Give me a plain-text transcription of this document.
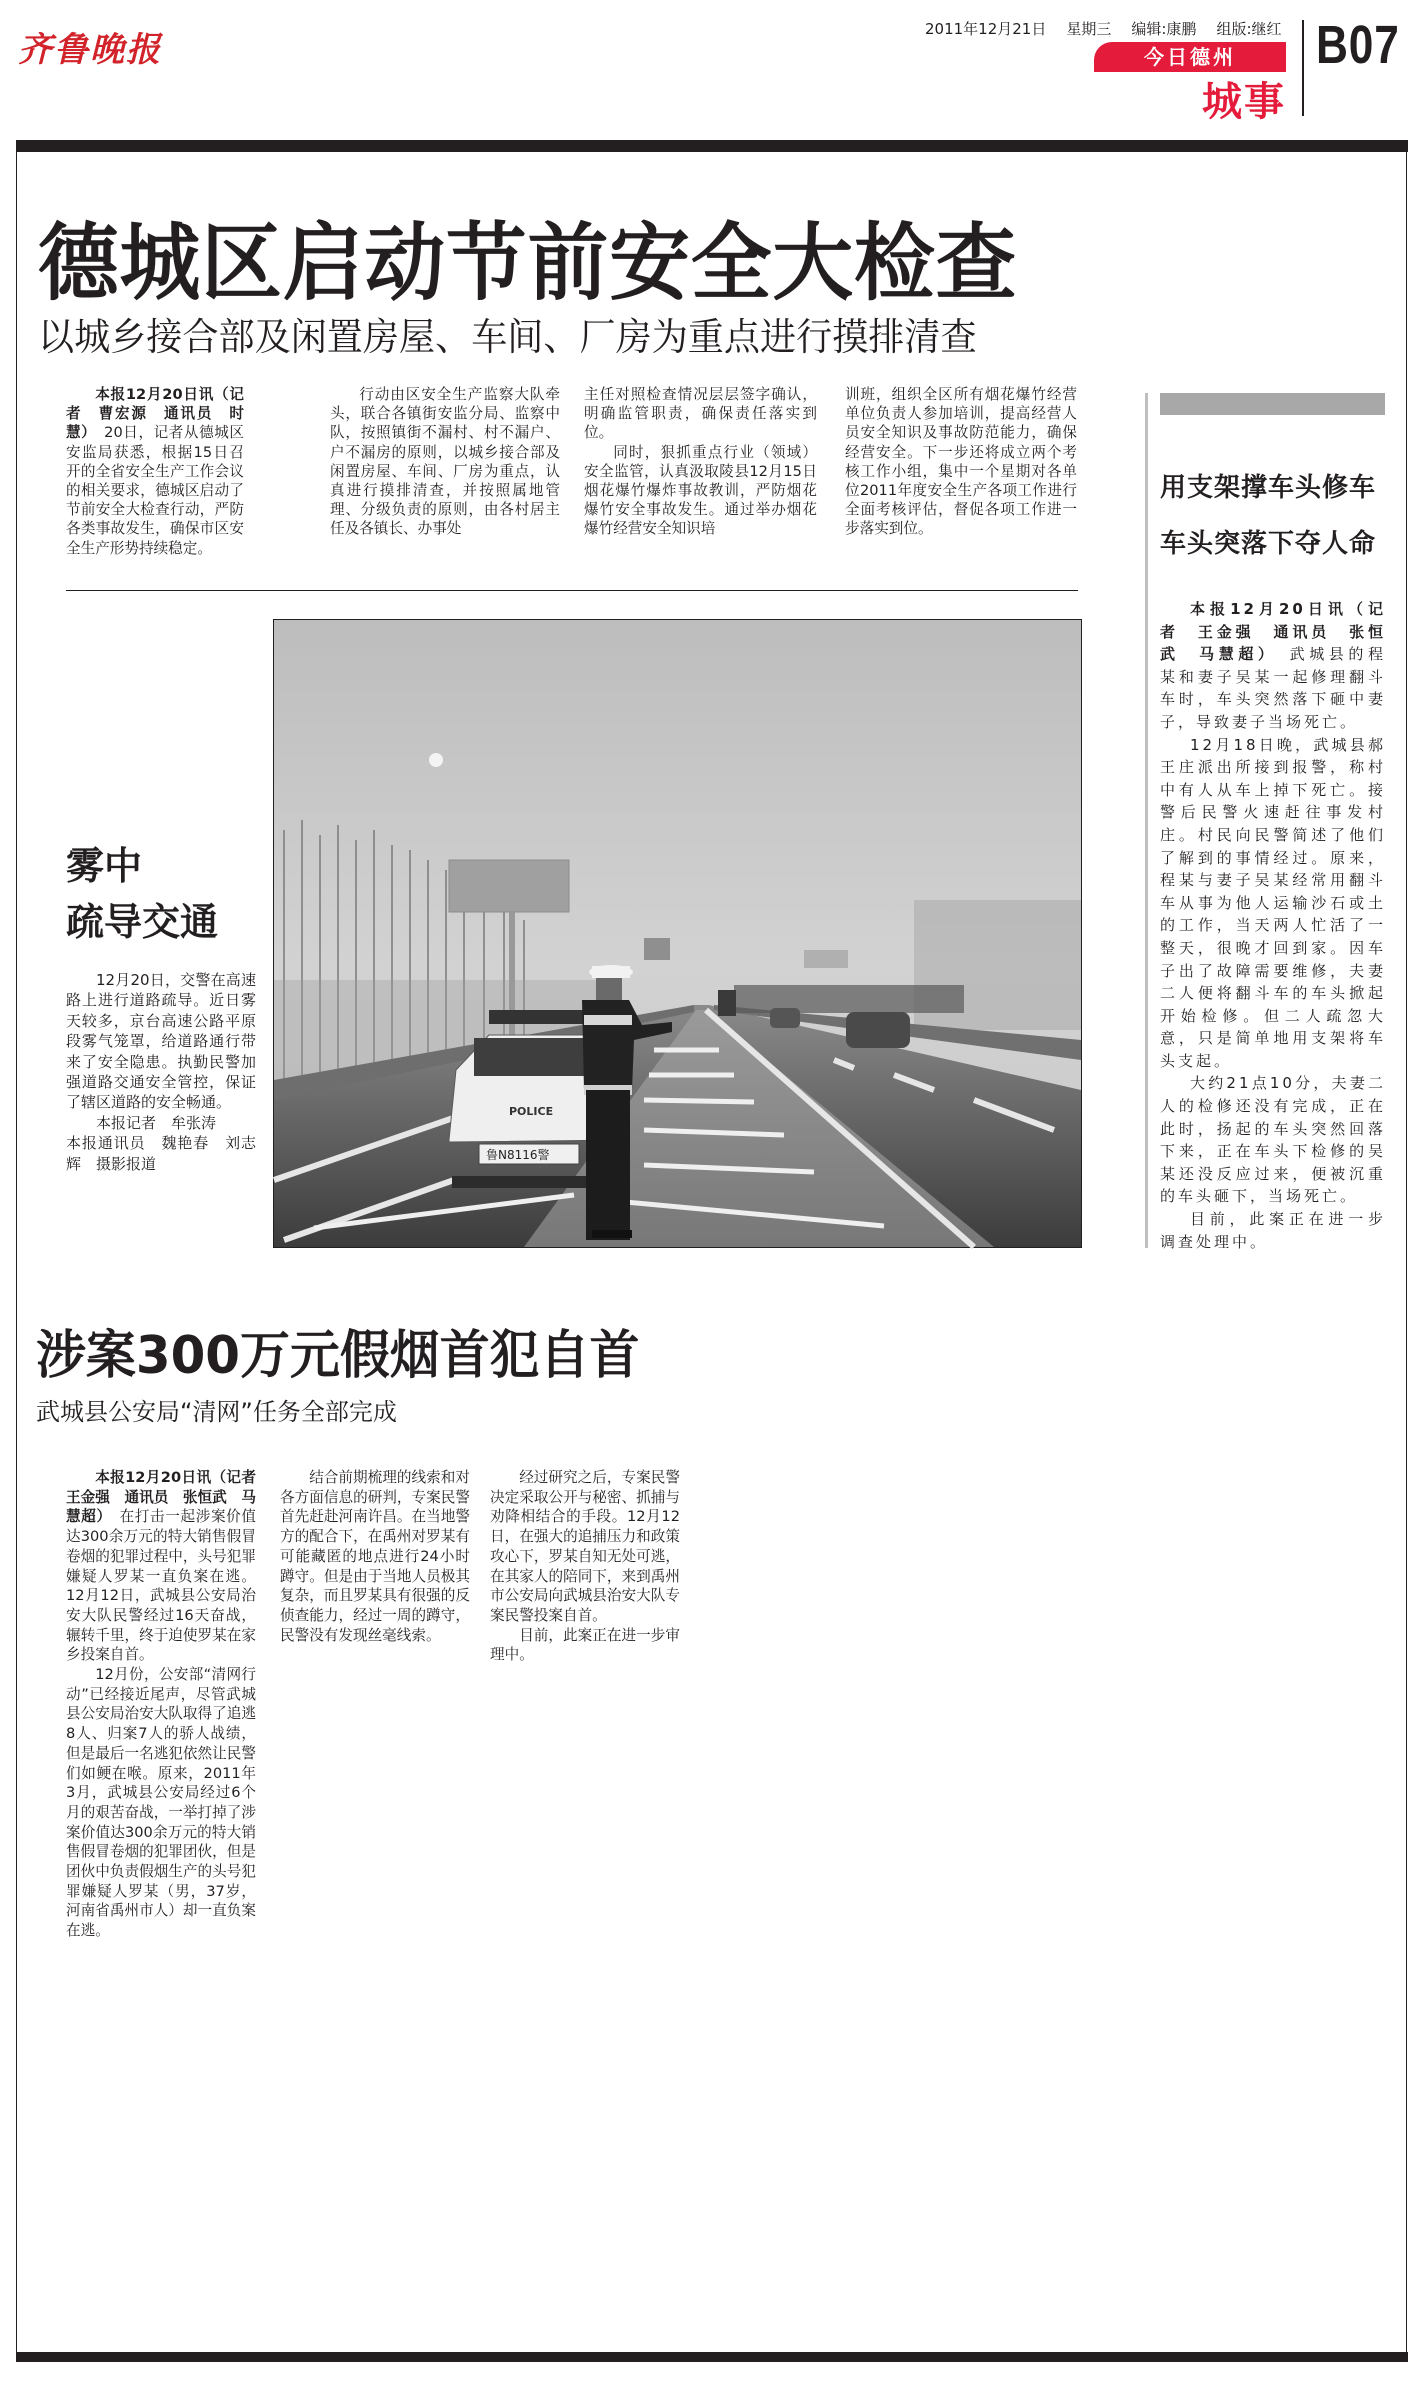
齐鲁晚报
2011年12月21日 星期三 编辑:康鹏 组版:继红
今日德州
城事
B07
德城区启动节前安全大检查
以城乡接合部及闲置房屋、车间、厂房为重点进行摸排清查

本报12月20日讯（记者　曹宏源　通讯员　时慧）　 20日，记者从德城区安监局获悉，根据15日召开的全省安全生产工作会议的相关要求，德城区启动了节前安全大检查行动，严防各类事故发生，确保市区安全生产形势持续稳定。

行动由区安全生产监察大队牵头，联合各镇街安监分局、监察中队，按照镇街不漏村、村不漏户、户不漏房的原则，以城乡接合部及闲置房屋、车间、厂房为重点，认真进行摸排清查，并按照属地管理、分级负责的原则，由各村居主任及各镇长、办事处

主任对照检查情况层层签字确认，明确监管职责，确保责任落实到位。

同时，狠抓重点行业（领域）安全监管，认真汲取陵县12月15日烟花爆竹爆炸事故教训，严防烟花爆竹安全事故发生。通过举办烟花爆竹经营安全知识培

训班，组织全区所有烟花爆竹经营单位负责人参加培训，提高经营人员安全知识及事故防范能力，确保经营安全。下一步还将成立两个考核工作小组，集中一个星期对各单位2011年度安全生产各项工作进行全面考核评估，督促各项工作进一步落实到位。

POLICE
鲁N8116警
雾中
疏导交通

12月20日，交警在高速路上进行道路疏导。近日雾天较多，京台高速公路平原段雾气笼罩，给道路通行带来了安全隐患。执勤民警加强道路交通安全管控，保证了辖区道路的安全畅通。

本报记者　牟张涛

本报通讯员　魏艳春　刘志辉　摄影报道

用支架撑车头修车
车头突落下夺人命

本报12月20日讯（记者　王金强　通讯员　张恒武　马慧超）　 武城县的程某和妻子吴某一起修理翻斗车时，车头突然落下砸中妻子，导致妻子当场死亡。

12月18日晚，武城县郝王庄派出所接到报警，称村中有人从车上掉下死亡。接警后民警火速赶往事发村庄。村民向民警简述了他们了解到的事情经过。原来，程某与妻子吴某经常用翻斗车从事为他人运输沙石或土的工作，当天两人忙活了一整天，很晚才回到家。因车子出了故障需要维修，夫妻二人便将翻斗车的车头掀起开始检修。但二人疏忽大意，只是简单地用支架将车头支起。

大约21点10分，夫妻二人的检修还没有完成，正在此时，扬起的车头突然回落下来，正在车头下检修的吴某还没反应过来，便被沉重的车头砸下，当场死亡。

目前，此案正在进一步调查处理中。

涉案300万元假烟首犯自首
武城县公安局“清网”任务全部完成

本报12月20日讯（记者　王金强　通讯员　张恒武　马慧超）　 在打击一起涉案价值达300余万元的特大销售假冒卷烟的犯罪过程中，头号犯罪嫌疑人罗某一直负案在逃。12月12日，武城县公安局治安大队民警经过16天奋战，辗转千里，终于迫使罗某在家乡投案自首。

12月份，公安部“清网行动”已经接近尾声，尽管武城县公安局治安大队取得了追逃8人、归案7人的骄人战绩，但是最后一名逃犯依然让民警们如鲠在喉。原来，2011年3月，武城县公安局经过6个月的艰苦奋战，一举打掉了涉案价值达300余万元的特大销售假冒卷烟的犯罪团伙，但是团伙中负责假烟生产的头号犯罪嫌疑人罗某（男，37岁，河南省禹州市人）却一直负案在逃。

结合前期梳理的线索和对各方面信息的研判，专案民警首先赶赴河南许昌。在当地警方的配合下，在禹州对罗某有可能藏匿的地点进行24小时蹲守。但是由于当地人员极其复杂，而且罗某具有很强的反侦查能力，经过一周的蹲守，民警没有发现丝毫线索。

经过研究之后，专案民警决定采取公开与秘密、抓捕与劝降相结合的手段。12月12日，在强大的追捕压力和政策攻心下，罗某自知无处可逃，在其家人的陪同下，来到禹州市公安局向武城县治安大队专案民警投案自首。

目前，此案正在进一步审理中。
